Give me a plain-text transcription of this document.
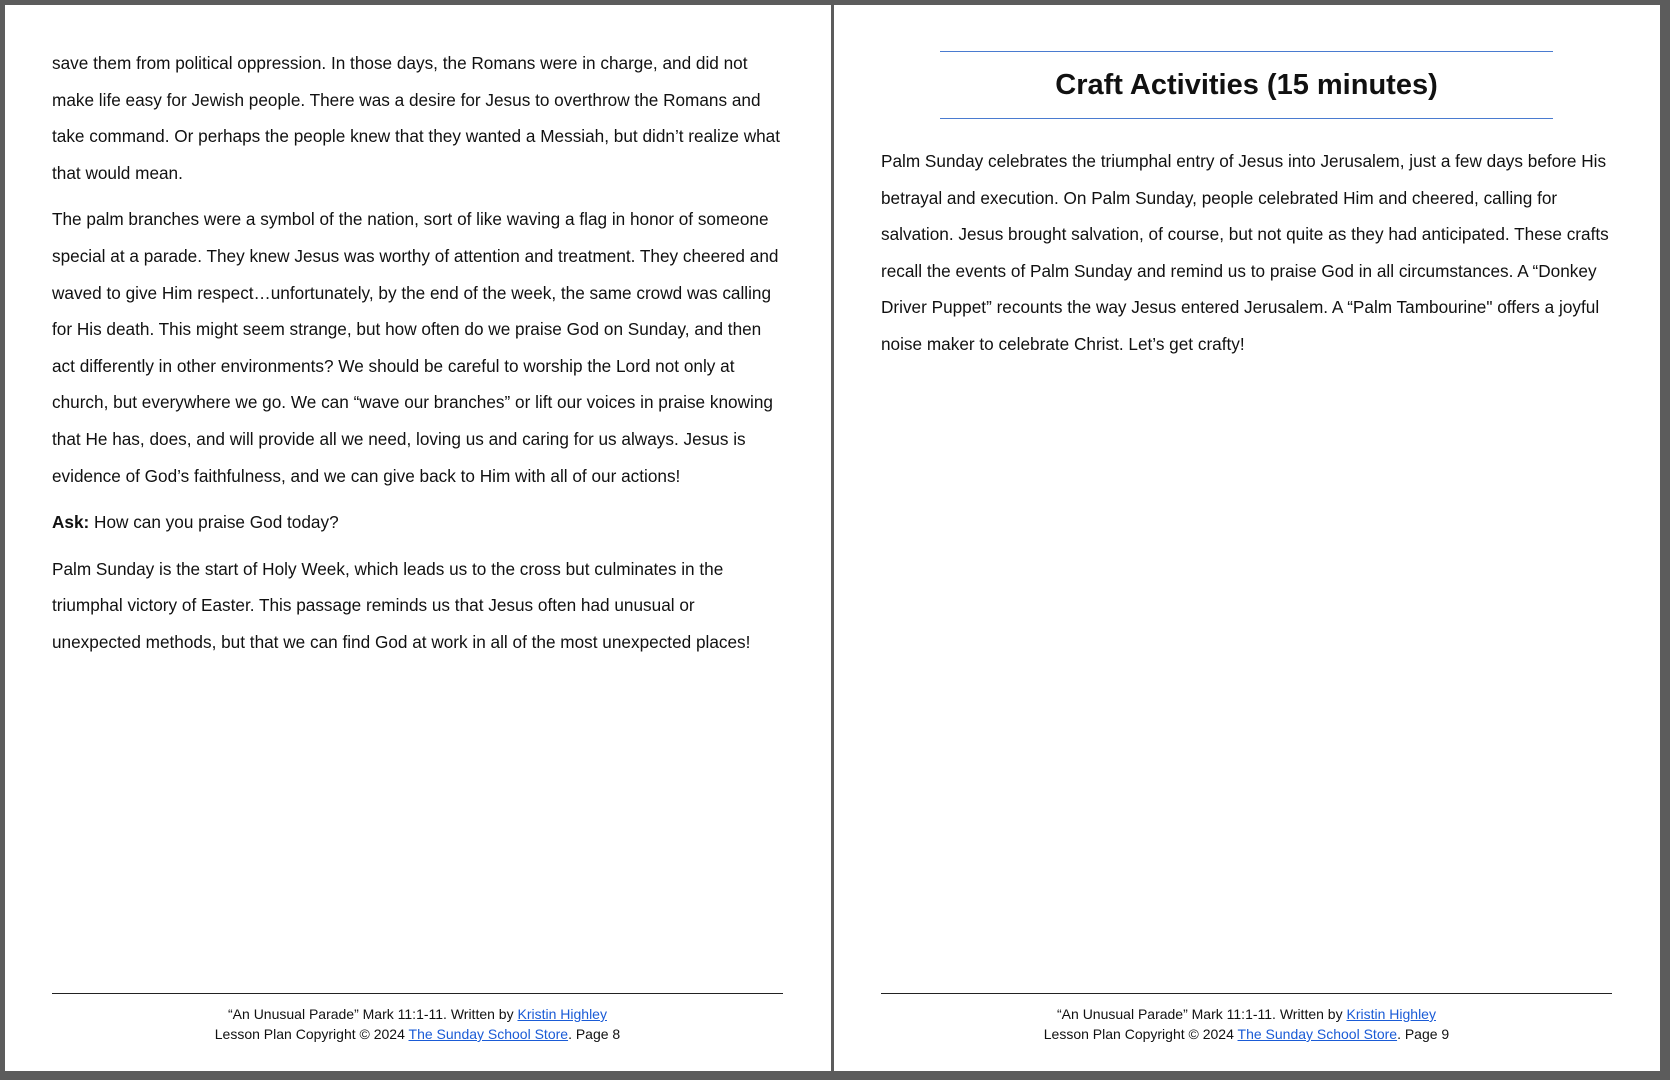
save them from political oppression. In those days, the Romans were in charge, and did not make life easy for Jewish people. There was a desire for Jesus to overthrow the Romans and take command. Or perhaps the people knew that they wanted a Messiah, but didn’t realize what that would mean.

The palm branches were a symbol of the nation, sort of like waving a flag in honor of someone special at a parade. They knew Jesus was worthy of attention and treatment. They cheered and waved to give Him respect…unfortunately, by the end of the week, the same crowd was calling for His death. This might seem strange, but how often do we praise God on Sunday, and then act differently in other environments? We should be careful to worship the Lord not only at church, but everywhere we go. We can “wave our branches” or lift our voices in praise knowing that He has, does, and will provide all we need, loving us and caring for us always. Jesus is evidence of God’s faithfulness, and we can give back to Him with all of our actions!

Ask: How can you praise God today?

Palm Sunday is the start of Holy Week, which leads us to the cross but culminates in the triumphal victory of Easter. This passage reminds us that Jesus often had unusual or unexpected methods, but that we can find God at work in all of the most unexpected places!

“An Unusual Parade” Mark 11:1-11. Written by Kristin Highley
Lesson Plan Copyright © 2024 The Sunday School Store. Page 8
Craft Activities (15 minutes)

Palm Sunday celebrates the triumphal entry of Jesus into Jerusalem, just a few days before His betrayal and execution. On Palm Sunday, people celebrated Him and cheered, calling for salvation. Jesus brought salvation, of course, but not quite as they had anticipated. These crafts recall the events of Palm Sunday and remind us to praise God in all circumstances. A “Donkey Driver Puppet” recounts the way Jesus entered Jerusalem. A “Palm Tambourine" offers a joyful noise maker to celebrate Christ. Let’s get crafty!

“An Unusual Parade” Mark 11:1-11. Written by Kristin Highley
Lesson Plan Copyright © 2024 The Sunday School Store. Page 9
